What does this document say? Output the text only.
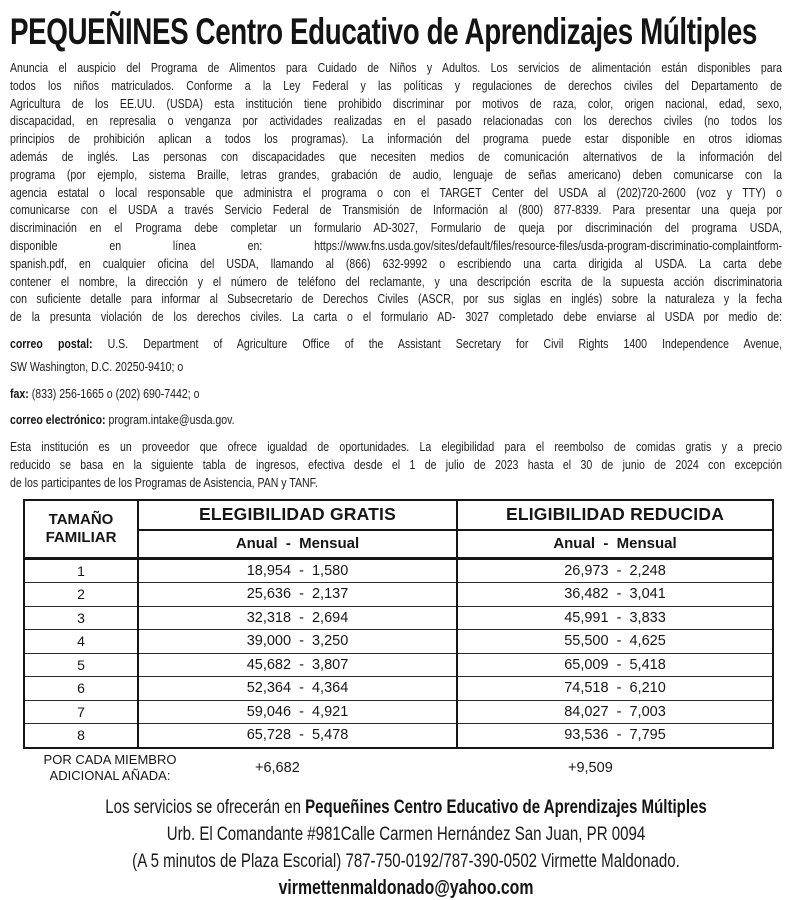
PEQUEÑINES Centro Educativo de Aprendizajes Múltiples
Anuncia el auspicio del Programa de Alimentos para Cuidado de Niños y Adultos. Los servicios de alimentación están disponibles para
todos los niños matriculados. Conforme a la Ley Federal y las políticas y regulaciones de derechos civiles del Departamento de
Agricultura de los EE.UU. (USDA) esta institución tiene prohibido discriminar por motivos de raza, color, origen nacional, edad, sexo,
discapacidad, en represalia o venganza por actividades realizadas en el pasado relacionadas con los derechos civiles (no todos los
principios de prohibición aplican a todos los programas). La información del programa puede estar disponible en otros idiomas
además de inglés. Las personas con discapacidades que necesiten medios de comunicación alternativos de la información del
programa (por ejemplo, sistema Braille, letras grandes, grabación de audio, lenguaje de señas americano) deben comunicarse con la
agencia estatal o local responsable que administra el programa o con el TARGET Center del USDA al (202)720-2600 (voz y TTY) o
comunicarse con el USDA a través Servicio Federal de Transmisión de Información al (800) 877-8339. Para presentar una queja por
discriminación en el Programa debe completar un formulario AD-3027, Formulario de queja por discriminación del programa USDA,
disponible en línea en: https://www.fns.usda.gov/sites/default/files/resource-files/usda-program-discriminatio-complaintform-
spanish.pdf, en cualquier oficina del USDA, llamando al (866) 632-9992 o escribiendo una carta dirigida al USDA. La carta debe
contener el nombre, la dirección y el número de teléfono del reclamante, y una descripción escrita de la supuesta acción discriminatoria
con suficiente detalle para informar al Subsecretario de Derechos Civiles (ASCR, por sus siglas en inglés) sobre la naturaleza y la fecha
de la presunta violación de los derechos civiles. La carta o el formulario AD- 3027 completado debe enviarse al USDA por medio de:
correo postal: U.S. Department of Agriculture Office of the Assistant Secretary for Civil Rights 1400 Independence Avenue,
SW Washington, D.C. 20250-9410; o
fax: (833) 256-1665 o (202) 690-7442; o
correo electrónico: program.intake@usda.gov.
Esta institución es un proveedor que ofrece igualdad de oportunidades. La elegibilidad para el reembolso de comidas gratis y a precio
reducido se basa en la siguiente tabla de ingresos, efectiva desde el 1 de julio de 2023 hasta el 30 de junio de 2024 con excepción
de los participantes de los Programas de Asistencia, PAN y TANF.
TAMAÑO
FAMILIAR	ELEGIBILIDAD GRATIS	ELIGIBILIDAD REDUCIDA
	Anual  -  Mensual	Anual  -  Mensual
1	18,954  -  1,580	26,973  -  2,248
2	25,636  -  2,137	36,482  -  3,041
3	32,318  -  2,694	45,991  -  3,833
4	39,000  -  3,250	55,500  -  4,625
5	45,682  -  3,807	65,009  -  5,418
6	52,364  -  4,364	74,518  -  6,210
7	59,046  -  4,921	84,027  -  7,003
8	65,728  -  5,478	93,536  -  7,795
POR CADA MIEMBRO
ADICIONAL AÑADA:	+6,682	+9,509
Los servicios se ofrecerán en Pequeñines Centro Educativo de Aprendizajes Múltiples
Urb. El Comandante #981Calle Carmen Hernández San Juan, PR 0094
(A 5 minutos de Plaza Escorial) 787-750-0192/787-390-0502 Virmette Maldonado.
virmettenmaldonado@yahoo.com
